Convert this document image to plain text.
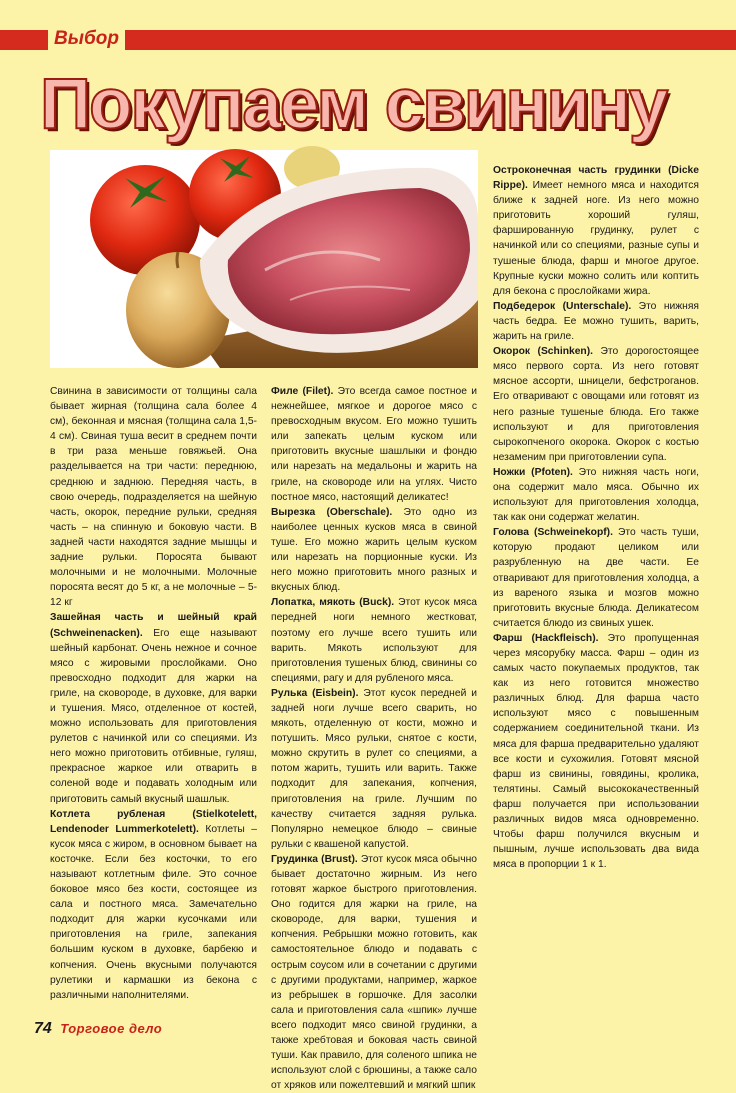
Выбор
Покупаем свинину

Свинина в зависимости от толщины сала бывает жирная (толщина сала более 4 см), беконная и мясная (толщина сала 1,5-4 см). Свиная туша весит в среднем почти в три раза меньше говяжьей. Она разделывается на три части: переднюю, среднюю и заднюю. Передняя часть, в свою очередь, подразделяется на шейную часть, окорок, передние рульки, средняя часть – на спинную и боковую части. В задней части находятся задние мышцы и задние рульки. Поросята бывают молочными и не молочными. Молочные поросята весят до 5 кг, а не молочные – 5-12 кг

Зашейная часть и шейный край (Schweinenacken). Его еще называют шейный карбонат. Очень нежное и сочное мясо с жировыми прослойками. Оно превосходно подходит для жарки на гриле, на сковороде, в духовке, для варки и тушения. Мясо, отделенное от костей, можно использовать для приготовления рулетов с начинкой или со специями. Из него можно приготовить отбивные, гуляш, прекрасное жаркое или отварить в соленой воде и подавать холодным или приготовить самый вкусный шашлык.

Котлета рубленая (Stielkotelett, Lendenoder Lummerkotelett). Котлеты – кусок мяса с жиром, в основном бывает на косточке. Если без косточки, то его называют котлетным филе. Это сочное боковое мясо без кости, состоящее из сала и постного мяса. Замечательно подходит для жарки кусочками или приготовления на гриле, запекания большим куском в духовке, барбекю и копчения. Очень вкусными получаются рулетики и кармашки из бекона с различными наполнителями.

Филе (Filet). Это всегда самое постное и нежнейшее, мягкое и дорогое мясо с превосходным вкусом. Его можно тушить или запекать целым куском или приготовить вкусные шашлыки и фондю или нарезать на медальоны и жарить на гриле, на сковороде или на углях. Чисто постное мясо, настоящий деликатес!

Вырезка (Oberschale). Это одно из наиболее ценных кусков мяса в свиной туше. Его можно жарить целым куском или нарезать на порционные куски. Из него можно приготовить много разных и вкусных блюд.

Лопатка, мякоть (Buck). Этот кусок мяса передней ноги немного жестковат, поэтому его лучше всего тушить или варить. Мякоть используют для приготовления тушеных блюд, свинины со специями, рагу и для рубленого мяса.

Рулька (Eisbein). Этот кусок передней и задней ноги лучше всего сварить, но мякоть, отделенную от кости, можно и потушить. Мясо рульки, снятое с кости, можно скрутить в рулет со специями, а потом жарить, тушить или варить. Также подходит для запекания, копчения, приготовления на гриле. Лучшим по качеству считается задняя рулька. Популярно немецкое блюдо – свиные рульки с квашеной капустой.

Грудинка (Brust). Этот кусок мяса обычно бывает достаточно жирным. Из него готовят жаркое быстрого приготовления. Оно годится для жарки на гриле, на сковороде, для варки, тушения и копчения. Ребрышки можно готовить, как самостоятельное блюдо и подавать с острым соусом или в сочетании с другими с другими продуктами, например, жаркое из ребрышек в горшочке. Для засолки сала и приготовления сала «шпик» лучше всего подходит мясо свиной грудинки, а также хребтовая и боковая часть свиной туши. Как правило, для соленого шпика не используют слой с брюшины, а также сало от хряков или пожелтевший и мягкий шпик

Остроконечная часть грудинки (Dicke Rippe). Имеет немного мяса и находится ближе к задней ноге. Из него можно приготовить хороший гуляш, фаршированную грудинку, рулет с начинкой или со специями, разные супы и тушеные блюда, фарш и многое другое. Крупные куски можно солить или коптить для бекона с прослойками жира.

Подбедерок (Unterschale). Это нижняя часть бедра. Ее можно тушить, варить, жарить на гриле.

Окорок (Schinken). Это дорогостоящее мясо первого сорта. Из него готовят мясное ассорти, шницели, бефстроганов. Его отваривают с овощами или готовят из него разные тушеные блюда. Его также используют и для приготовления сырокопченого окорока. Окорок с костью незаменим при приготовлении супа.

Ножки (Pfoten). Это нижняя часть ноги, она содержит мало мяса. Обычно их используют для приготовления холодца, так как они содержат желатин.

Голова (Schweinekopf). Это часть туши, которую продают целиком или разрубленную на две части. Ее отваривают для приготовления холодца, а из вареного языка и мозгов можно приготовить вкусные блюда. Деликатесом считается блюдо из свиных ушек.

Фарш (Hackfleisch). Это пропущенная через мясорубку масса. Фарш – один из самых часто покупаемых продуктов, так как из него готовится множество различных блюд. Для фарша часто используют мясо с повышенным содержанием соединительной ткани. Из мяса для фарша предварительно удаляют все кости и сухожилия. Готовят мясной фарш из свинины, говядины, кролика, телятины. Самый высококачественный фарш получается при использовании различных видов мяса одновременно. Чтобы фарш получился вкусным и пышным, лучше использовать два вида мяса в пропорции 1 к 1.

74 Торговое дело
